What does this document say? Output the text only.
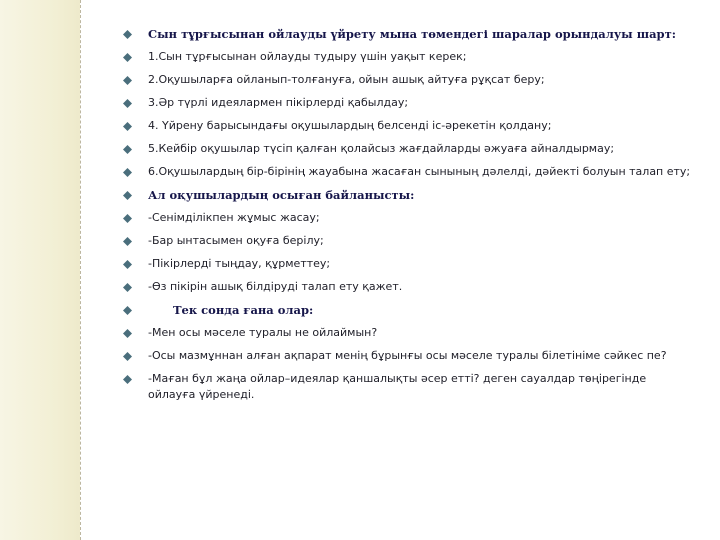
Сын тұрғысынан ойлауды үйрету мына төмендегі шаралар орындалуы шарт:
1.Сын тұрғысынан ойлауды тудыру үшін уақыт керек;
2.Оқушыларға ойланып-толғануға, ойын ашық айтуға рұқсат беру;
3.Әр түрлі идеялармен пікірлерді қабылдау;
4. Үйрену барысындағы оқушылардың белсенді іс-әрекетін қолдану;
5.Кейбір оқушылар түсіп қалған қолайсыз жағдайларды әжуаға айналдырмау;
6.Оқушылардың бір-бірінің жауабына жасаған сынының дәлелді, дәйекті болуын талап ету;
Ал оқушылардың осыған байланысты:
-Сенімділікпен жұмыс жасау;
-Бар ынтасымен оқуға берілу;
-Пікірлерді тыңдау, құрметтеу;
-Өз пікірін ашық білдіруді талап ету қажет.
Тек сонда ғана олар:
-Мен осы мәселе туралы не ойлаймын?
-Осы мазмұннан алған ақпарат менің бұрынғы осы мәселе туралы білетініме сәйкес пе?
-Маған бұл жаңа ойлар–идеялар қаншалықты әсер етті? деген сауалдар төңірегінде ойлауға үйренеді.
